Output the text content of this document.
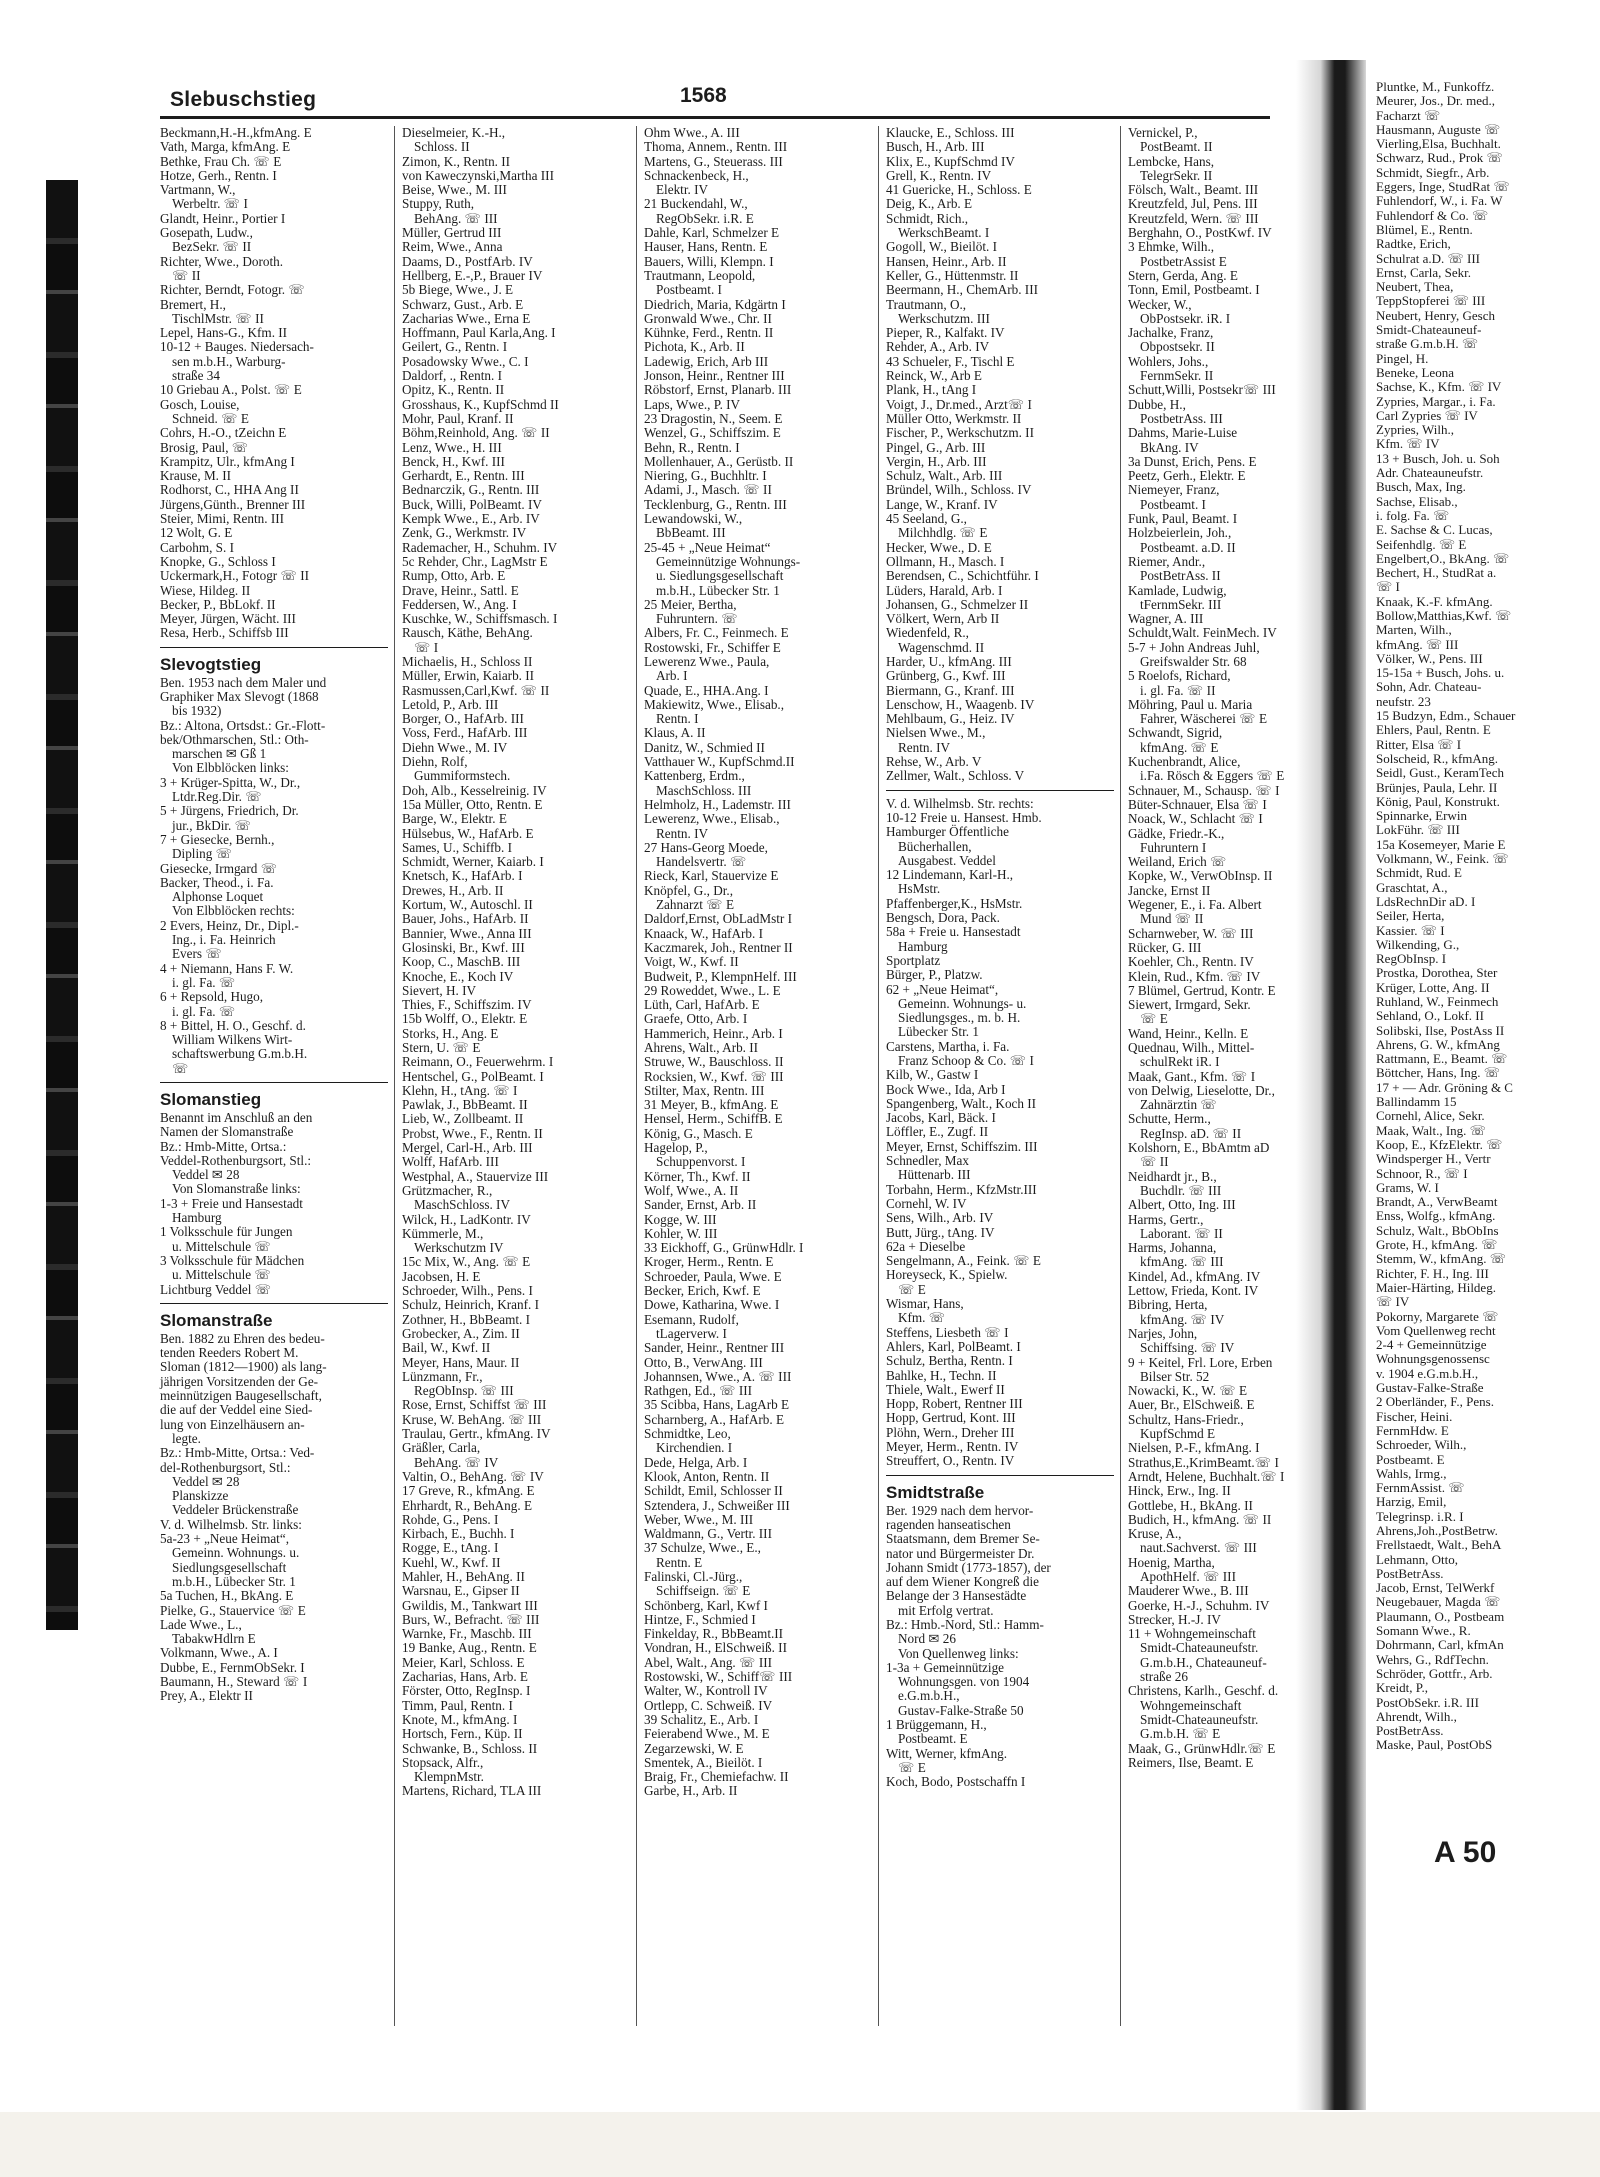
Slebuschstieg	1568
Beckmann,H.-H.,kfmAng. E
Vath, Marga, kfmAng. E
Bethke, Frau Ch. ☏ E
Hotze, Gerh., Rentn. I
Vartmann, W.,
Werbeltr. ☏ I
Glandt, Heinr., Portier I
Gosepath, Ludw.,
BezSekr. ☏ II
Richter, Wwe., Doroth.
☏ II
Richter, Berndt, Fotogr. ☏
Bremert, H.,
TischlMstr. ☏ II
Lepel, Hans-G., Kfm. II
10-12 + Bauges. Niedersach-
sen m.b.H., Warburg-
straße 34
10 Griebau A., Polst. ☏ E
Gosch, Louise,
Schneid. ☏ E
Cohrs, H.-O., tZeichn E
Brosig, Paul, ☏
Krampitz, Ulr., kfmAng I
Krause, M. II
Rodhorst, C., HHA Ang II
Jürgens,Günth., Brenner III
Steier, Mimi, Rentn. III
12 Wolt, G. E
Carbohm, S. I
Knopke, G., Schloss I
Uckermark,H., Fotogr ☏ II
Wiese, Hildeg. II
Becker, P., BbLokf. II
Meyer, Jürgen, Wächt. III
Resa, Herb., Schiffsb III
Slevogtstieg
Ben. 1953 nach dem Maler und
Graphiker Max Slevogt (1868
bis 1932)
Bz.: Altona, Ortsdst.: Gr.-Flott-
bek/Othmarschen, Stl.: Oth-
marschen ✉ Gß 1
Von Elbblöcken links:
3 + Krüger-Spitta, W., Dr.,
Ltdr.Reg.Dir. ☏
5 + Jürgens, Friedrich, Dr.
jur., BkDir. ☏
7 + Giesecke, Bernh.,
Dipling ☏
Giesecke, Irmgard ☏
Backer, Theod., i. Fa.
Alphonse Loquet
Von Elbblöcken rechts:
2 Evers, Heinz, Dr., Dipl.-
Ing., i. Fa. Heinrich
Evers ☏
4 + Niemann, Hans F. W.
i. gl. Fa. ☏
6 + Repsold, Hugo,
i. gl. Fa. ☏
8 + Bittel, H. O., Geschf. d.
William Wilkens Wirt-
schaftswerbung G.m.b.H.
☏
Slomanstieg
Benannt im Anschluß an den
Namen der Slomanstraße
Bz.: Hmb-Mitte, Ortsa.:
Veddel-Rothenburgsort, Stl.:
Veddel ✉ 28
Von Slomanstraße links:
1-3 + Freie und Hansestadt
Hamburg
1 Volksschule für Jungen
u. Mittelschule ☏
3 Volksschule für Mädchen
u. Mittelschule ☏
Lichtburg Veddel ☏
Slomanstraße
Ben. 1882 zu Ehren des bedeu-
tenden Reeders Robert M.
Sloman (1812—1900) als lang-
jährigen Vorsitzenden der Ge-
meinnützigen Baugesellschaft,
die auf der Veddel eine Sied-
lung von Einzelhäusern an-
legte.
Bz.: Hmb-Mitte, Ortsa.: Ved-
del-Rothenburgsort, Stl.:
Veddel ✉ 28
Planskizze
Veddeler Brückenstraße
V. d. Wilhelmsb. Str. links:
5a-23 + „Neue Heimat“,
Gemeinn. Wohnungs. u.
Siedlungsgesellschaft
m.b.H., Lübecker Str. 1
5a Tuchen, H., BkAng. E
Pielke, G., Stauervice ☏ E
Lade Wwe., L.,
TabakwHdlrn E
Volkmann, Wwe., A. I
Dubbe, E., FernmObSekr. I
Baumann, H., Steward ☏ I
Prey, A., Elektr II
Dieselmeier, K.-H.,
Schloss. II
Zimon, K., Rentn. II
von Kaweczynski,Martha III
Beise, Wwe., M. III
Stuppy, Ruth,
BehAng. ☏ III
Müller, Gertrud III
Reim, Wwe., Anna
Daams, D., PostfArb. IV
Hellberg, E.-,P., Brauer IV
5b Biege, Wwe., J. E
Schwarz, Gust., Arb. E
Zacharias Wwe., Erna E
Hoffmann, Paul Karla,Ang. I
Geilert, G., Rentn. I
Posadowsky Wwe., C. I
Daldorf, ., Rentn. I
Opitz, K., Rentn. II
Grosshaus, K., KupfSchmd II
Mohr, Paul, Kranf. II
Böhm,Reinhold, Ang. ☏ II
Lenz, Wwe., H. III
Benck, H., Kwf. III
Gerhardt, E., Rentn. III
Bednarczik, G., Rentn. III
Buck, Willi, PolBeamt. IV
Kempk Wwe., E., Arb. IV
Zenk, G., Werkmstr. IV
Rademacher, H., Schuhm. IV
5c Rehder, Chr., LagMstr E
Rump, Otto, Arb. E
Drave, Heinr., Sattl. E
Feddersen, W., Ang. I
Kuschke, W., Schiffsmasch. I
Rausch, Käthe, BehAng.
☏ I
Michaelis, H., Schloss II
Müller, Erwin, Kaiarb. II
Rasmussen,Carl,Kwf. ☏ II
Letold, P., Arb. III
Borger, O., HafArb. III
Voss, Ferd., HafArb. III
Diehn Wwe., M. IV
Diehn, Rolf,
Gummiformstech.
Doh, Alb., Kesselreinig. IV
15a Müller, Otto, Rentn. E
Barge, W., Elektr. E
Hülsebus, W., HafArb. E
Sames, U., Schiffb. I
Schmidt, Werner, Kaiarb. I
Knetsch, K., HafArb. I
Drewes, H., Arb. II
Kortum, W., Autoschl. II
Bauer, Johs., HafArb. II
Bannier, Wwe., Anna III
Glosinski, Br., Kwf. III
Koop, C., MaschB. III
Knoche, E., Koch IV
Sievert, H. IV
Thies, F., Schiffszim. IV
15b Wolff, O., Elektr. E
Storks, H., Ang. E
Stern, U. ☏ E
Reimann, O., Feuerwehrm. I
Hentschel, G., PolBeamt. I
Klehn, H., tAng. ☏ I
Pawlak, J., BbBeamt. II
Lieb, W., Zollbeamt. II
Probst, Wwe., F., Rentn. II
Mergel, Carl-H., Arb. III
Wolff, HafArb. III
Westphal, A., Stauervize III
Grützmacher, R.,
MaschSchloss. IV
Wilck, H., LadKontr. IV
Kümmerle, M.,
Werkschutzm IV
15c Mix, W., Ang. ☏ E
Jacobsen, H. E
Schroeder, Wilh., Pens. I
Schulz, Heinrich, Kranf. I
Zothner, H., BbBeamt. I
Grobecker, A., Zim. II
Bail, W., Kwf. II
Meyer, Hans, Maur. II
Lünzmann, Fr.,
RegObInsp. ☏ III
Rose, Ernst, Schiffst ☏ III
Kruse, W. BehAng. ☏ III
Traulau, Gertr., kfmAng. IV
Gräßler, Carla,
BehAng. ☏ IV
Valtin, O., BehAng. ☏ IV
17 Greve, R., kfmAng. E
Ehrhardt, R., BehAng. E
Rohde, G., Pens. I
Kirbach, E., Buchh. I
Rogge, E., tAng. I
Kuehl, W., Kwf. II
Mahler, H., BehAng. II
Warsnau, E., Gipser II
Gwildis, M., Tankwart III
Burs, W., Befracht. ☏ III
Warnke, Fr., Maschb. III
19 Banke, Aug., Rentn. E
Meier, Karl, Schloss. E
Zacharias, Hans, Arb. E
Förster, Otto, RegInsp. I
Timm, Paul, Rentn. I
Knote, M., kfmAng. I
Hortsch, Fern., Küp. II
Schwanke, B., Schloss. II
Stopsack, Alfr.,
KlempnMstr.
Martens, Richard, TLA III
Ohm Wwe., A. III
Thoma, Annem., Rentn. III
Martens, G., Steuerass. III
Schnackenbeck, H.,
Elektr. IV
21 Buckendahl, W.,
RegObSekr. i.R. E
Dahle, Karl, Schmelzer E
Hauser, Hans, Rentn. E
Bauers, Willi, Klempn. I
Trautmann, Leopold,
Postbeamt. I
Diedrich, Maria, Kdgärtn I
Gronwald Wwe., Chr. II
Kühnke, Ferd., Rentn. II
Pichota, K., Arb. II
Ladewig, Erich, Arb III
Jonson, Heinr., Rentner III
Röbstorf, Ernst, Planarb. III
Laps, Wwe., P. IV
23 Dragostin, N., Seem. E
Wenzel, G., Schiffszim. E
Behn, R., Rentn. I
Mollenhauer, A., Gerüstb. II
Niering, G., Buchhltr. I
Adami, J., Masch. ☏ II
Tecklenburg, G., Rentn. III
Lewandowski, W.,
BbBeamt. III
25-45 + „Neue Heimat“
Gemeinnützige Wohnungs-
u. Siedlungsgesellschaft
m.b.H., Lübecker Str. 1
25 Meier, Bertha,
Fuhruntern. ☏
Albers, Fr. C., Feinmech. E
Rostowski, Fr., Schiffer E
Lewerenz Wwe., Paula,
Arb. I
Quade, E., HHA.Ang. I
Makiewitz, Wwe., Elisab.,
Rentn. I
Klaus, A. II
Danitz, W., Schmied II
Vatthauer W., KupfSchmd.II
Kattenberg, Erdm.,
MaschSchloss. III
Helmholz, H., Lademstr. III
Lewerenz, Wwe., Elisab.,
Rentn. IV
27 Hans-Georg Moede,
Handelsvertr. ☏
Rieck, Karl, Stauervize E
Knöpfel, G., Dr.,
Zahnarzt ☏ E
Daldorf,Ernst, ObLadMstr I
Knaack, W., HafArb. I
Kaczmarek, Joh., Rentner II
Voigt, W., Kwf. II
Budweit, P., KlempnHelf. III
29 Roweddet, Wwe., L. E
Lüth, Carl, HafArb. E
Graefe, Otto, Arb. I
Hammerich, Heinr., Arb. I
Ahrens, Walt., Arb. II
Struwe, W., Bauschloss. II
Rocksien, W., Kwf. ☏ III
Stilter, Max, Rentn. III
31 Meyer, B., kfmAng. E
Hensel, Herm., SchiffB. E
König, G., Masch. E
Hagelop, P.,
Schuppenvorst. I
Körner, Th., Kwf. II
Wolf, Wwe., A. II
Sander, Ernst, Arb. II
Kogge, W. III
Kohler, W. III
33 Eickhoff, G., GrünwHdlr. I
Kroger, Herm., Rentn. E
Schroeder, Paula, Wwe. E
Becker, Erich, Kwf. E
Dowe, Katharina, Wwe. I
Esemann, Rudolf,
tLagerverw. I
Sander, Heinr., Rentner III
Otto, B., VerwAng. III
Johannsen, Wwe., A. ☏ III
Rathgen, Ed., ☏ III
35 Scibba, Hans, LagArb E
Scharnberg, A., HafArb. E
Schmidtke, Leo,
Kirchendien. I
Dede, Helga, Arb. I
Klook, Anton, Rentn. II
Schildt, Emil, Schlosser II
Sztendera, J., Schweißer III
Weber, Wwe., M. III
Waldmann, G., Vertr. III
37 Schulze, Wwe., E.,
Rentn. E
Falinski, Cl.-Jürg.,
Schiffseign. ☏ E
Schönberg, Karl, Kwf I
Hintze, F., Schmied I
Finkelday, R., BbBeamt.II
Vondran, H., ElSchweiß. II
Abel, Walt., Ang. ☏ III
Rostowski, W., Schiff☏ III
Walter, W., Kontroll IV
Ortlepp, C. Schweiß. IV
39 Schalitz, E., Arb. I
Feierabend Wwe., M. E
Zegarzewski, W. E
Smentek, A., Bieilöt. I
Braig, Fr., Chemiefachw. II
Garbe, H., Arb. II
Klaucke, E., Schloss. III
Busch, H., Arb. III
Klix, E., KupfSchmd IV
Grell, K., Rentn. IV
41 Guericke, H., Schloss. E
Deig, K., Arb. E
Schmidt, Rich.,
WerkschBeamt. I
Gogoll, W., Bieilöt. I
Hansen, Heinr., Arb. II
Keller, G., Hüttenmstr. II
Beermann, H., ChemArb. III
Trautmann, O.,
Werkschutzm. III
Pieper, R., Kalfakt. IV
Rehder, A., Arb. IV
43 Schueler, F., Tischl E
Reinck, W., Arb E
Plank, H., tAng I
Voigt, J., Dr.med., Arzt☏ I
Müller Otto, Werkmstr. II
Fischer, P., Werkschutzm. II
Pingel, G., Arb. III
Vergin, H., Arb. III
Schulz, Walt., Arb. III
Bründel, Wilh., Schloss. IV
Lange, W., Kranf. IV
45 Seeland, G.,
Milchhdlg. ☏ E
Hecker, Wwe., D. E
Ollmann, H., Masch. I
Berendsen, C., Schichtführ. I
Lüders, Harald, Arb. I
Johansen, G., Schmelzer II
Völkert, Wern, Arb II
Wiedenfeld, R.,
Wagenschmd. II
Harder, U., kfmAng. III
Grünberg, G., Kwf. III
Biermann, G., Kranf. III
Lenschow, H., Waagenb. IV
Mehlbaum, G., Heiz. IV
Nielsen Wwe., M.,
Rentn. IV
Rehse, W., Arb. V
Zellmer, Walt., Schloss. V
V. d. Wilhelmsb. Str. rechts:
10-12 Freie u. Hansest. Hmb.
Hamburger Öffentliche
Bücherhallen,
Ausgabest. Veddel
12 Lindemann, Karl-H.,
HsMstr.
Pfaffenberger,K., HsMstr.
Bengsch, Dora, Pack.
58a + Freie u. Hansestadt
Hamburg
Sportplatz
Bürger, P., Platzw.
62 + „Neue Heimat“,
Gemeinn. Wohnungs- u.
Siedlungsges., m. b. H.
Lübecker Str. 1
Carstens, Martha, i. Fa.
Franz Schoop & Co. ☏ I
Kilb, W., Gastw I
Bock Wwe., Ida, Arb I
Spangenberg, Walt., Koch II
Jacobs, Karl, Bäck. I
Löffler, E., Zugf. II
Meyer, Ernst, Schiffszim. III
Schnedler, Max
Hüttenarb. III
Torbahn, Herm., KfzMstr.III
Cornehl, W. IV
Sens, Wilh., Arb. IV
Butt, Jürg., tAng. IV
62a + Dieselbe
Sengelmann, A., Feink. ☏ E
Horeyseck, K., Spielw.
☏ E
Wismar, Hans,
Kfm. ☏
Steffens, Liesbeth ☏ I
Ahlers, Karl, PolBeamt. I
Schulz, Bertha, Rentn. I
Bahlke, H., Techn. II
Thiele, Walt., Ewerf II
Hopp, Robert, Rentner III
Hopp, Gertrud, Kont. III
Plöhn, Wern., Dreher III
Meyer, Herm., Rentn. IV
Streuffert, O., Rentn. IV
Smidtstraße
Ber. 1929 nach dem hervor-
ragenden hanseatischen
Staatsmann, dem Bremer Se-
nator und Bürgermeister Dr.
Johann Smidt (1773-1857), der
auf dem Wiener Kongreß die
Belange der 3 Hansestädte
mit Erfolg vertrat.
Bz.: Hmb.-Nord, Stl.: Hamm-
Nord ✉ 26
Von Quellenweg links:
1-3a + Gemeinnützige
Wohnungsgen. von 1904
e.G.m.b.H.,
Gustav-Falke-Straße 50
1 Brüggemann, H.,
Postbeamt. E
Witt, Werner, kfmAng.
☏ E
Koch, Bodo, Postschaffn I
Vernickel, P.,
PostBeamt. II
Lembcke, Hans,
TelegrSekr. II
Fölsch, Walt., Beamt. III
Kreutzfeld, Jul, Pens. III
Kreutzfeld, Wern. ☏ III
Berghahn, O., PostKwf. IV
3 Ehmke, Wilh.,
PostbetrAssist E
Stern, Gerda, Ang. E
Tonn, Emil, Postbeamt. I
Wecker, W.,
ObPostsekr. iR. I
Jachalke, Franz,
Obpostsekr. II
Wohlers, Johs.,
FernmSekr. II
Schutt,Willi, Postsekr☏ III
Dubbe, H.,
PostbetrAss. III
Dahms, Marie-Luise
BkAng. IV
3a Dunst, Erich, Pens. E
Peetz, Gerh., Elektr. E
Niemeyer, Franz,
Postbeamt. I
Funk, Paul, Beamt. I
Holzbeierlein, Joh.,
Postbeamt. a.D. II
Riemer, Andr.,
PostBetrAss. II
Kamlade, Ludwig,
tFernmSekr. III
Wagner, A. III
Schuldt,Walt. FeinMech. IV
5-7 + John Andreas Juhl,
Greifswalder Str. 68
5 Roelofs, Richard,
i. gl. Fa. ☏ II
Möhring, Paul u. Maria
Fahrer, Wäscherei ☏ E
Schwandt, Sigrid,
kfmAng. ☏ E
Kuchenbrandt, Alice,
i.Fa. Rösch & Eggers ☏ E
Schnauer, M., Schausp. ☏ I
Büter-Schnauer, Elsa ☏ I
Noack, W., Schlacht ☏ I
Gädke, Friedr.-K.,
Fuhruntern I
Weiland, Erich ☏
Kopke, W., VerwObInsp. II
Jancke, Ernst II
Wegener, E., i. Fa. Albert
Mund ☏ II
Scharnweber, W. ☏ III
Rücker, G. III
Koehler, Ch., Rentn. IV
Klein, Rud., Kfm. ☏ IV
7 Blümel, Gertrud, Kontr. E
Siewert, Irmgard, Sekr.
☏ E
Wand, Heinr., Kelln. E
Quednau, Wilh., Mittel-
schulRekt iR. I
Maak, Gant., Kfm. ☏ I
von Delwig, Lieselotte, Dr.,
Zahnärztin ☏
Schutte, Herm.,
RegInsp. aD. ☏ II
Kolshorn, E., BbAmtm aD
☏ II
Neidhardt jr., B.,
Buchdlr. ☏ III
Albert, Otto, Ing. III
Harms, Gertr.,
Laborant. ☏ II
Harms, Johanna,
kfmAng. ☏ III
Kindel, Ad., kfmAng. IV
Lettow, Frieda, Kont. IV
Bibring, Herta,
kfmAng. ☏ IV
Narjes, John,
Schiffsing. ☏ IV
9 + Keitel, Frl. Lore, Erben
Bilser Str. 52
Nowacki, K., W. ☏ E
Auer, Br., ElSchweiß. E
Schultz, Hans-Friedr.,
KupfSchmd E
Nielsen, P.-F., kfmAng. I
Strathus,E.,KrimBeamt.☏ I
Arndt, Helene, Buchhalt.☏ I
Hinck, Erw., Ing. II
Gottlebe, H., BkAng. II
Budich, H., kfmAng. ☏ II
Kruse, A.,
naut.Sachverst. ☏ III
Hoenig, Martha,
ApothHelf. ☏ III
Mauderer Wwe., B. III
Goerke, H.-J., Schuhm. IV
Strecker, H.-J. IV
11 + Wohngemeinschaft
Smidt-Chateauneufstr.
G.m.b.H., Chateauneuf-
straße 26
Christens, Karlh., Geschf. d.
Wohngemeinschaft
Smidt-Chateauneufstr.
G.m.b.H. ☏ E
Maak, G., GrünwHdlr.☏ E
Reimers, Ilse, Beamt. E
Pluntke, M., Funkoffz.
Meurer, Jos., Dr. med.,
Facharzt ☏
Hausmann, Auguste ☏
Vierling,Elsa, Buchhalt.
Schwarz, Rud., Prok ☏
Schmidt, Siegfr., Arb.
Eggers, Inge, StudRat ☏
Fuhlendorf, W., i. Fa. W
Fuhlendorf & Co. ☏
Blümel, E., Rentn.
Radtke, Erich,
Schulrat a.D. ☏ III
Ernst, Carla, Sekr.
Neubert, Thea,
TeppStopferei ☏ III
Neubert, Henry, Gesch
Smidt-Chateauneuf-
straße G.m.b.H. ☏
Pingel, H.
Beneke, Leona
Sachse, K., Kfm. ☏ IV
Zypries, Margar., i. Fa.
Carl Zypries ☏ IV
Zypries, Wilh.,
Kfm. ☏ IV
13 + Busch, Joh. u. Soh
Adr. Chateauneufstr.
Busch, Max, Ing.
Sachse, Elisab.,
i. folg. Fa. ☏
E. Sachse & C. Lucas,
Seifenhdlg. ☏ E
Engelbert,O., BkAng. ☏
Bechert, H., StudRat a.
☏ I
Knaak, K.-F. kfmAng.
Bollow,Matthias,Kwf. ☏
Marten, Wilh.,
kfmAng. ☏ III
Völker, W., Pens. III
15-15a + Busch, Johs. u.
Sohn, Adr. Chateau-
neufstr. 23
15 Budzyn, Edm., Schauer
Ehlers, Paul, Rentn. E
Ritter, Elsa ☏ I
Solscheid, R., kfmAng.
Seidl, Gust., KeramTech
Brünjes, Paula, Lehr. II
König, Paul, Konstrukt.
Spinnarke, Erwin
LokFühr. ☏ III
15a Kosemeyer, Marie E
Volkmann, W., Feink. ☏
Schmidt, Rud. E
Graschtat, A.,
LdsRechnDir aD. I
Seiler, Herta,
Kassier. ☏ I
Wilkending, G.,
RegObInsp. I
Prostka, Dorothea, Ster
Krüger, Lotte, Ang. II
Ruhland, W., Feinmech
Sehland, O., Lokf. II
Solibski, Ilse, PostAss II
Ahrens, G. W., kfmAng
Rattmann, E., Beamt. ☏
Böttcher, Hans, Ing. ☏
17 + — Adr. Gröning & C
Ballindamm 15
Cornehl, Alice, Sekr.
Maak, Walt., Ing. ☏
Koop, E., KfzElektr. ☏
Windsperger H., Vertr
Schnoor, R., ☏ I
Grams, W. I
Brandt, A., VerwBeamt
Enss, Wolfg., kfmAng.
Schulz, Walt., BbObIns
Grote, H., kfmAng. ☏
Stemm, W., kfmAng. ☏
Richter, F. H., Ing. III
Maier-Härting, Hildeg.
☏ IV
Pokorny, Margarete ☏
Vom Quellenweg recht
2-4 + Gemeinnützige
Wohnungsgenossensc
v. 1904 e.G.m.b.H.,
Gustav-Falke-Straße
2 Oberländer, F., Pens.
Fischer, Heini.
FernmHdw. E
Schroeder, Wilh.,
Postbeamt. E
Wahls, Irmg.,
FernmAssist. ☏
Harzig, Emil,
Telegrinsp. i.R. I
Ahrens,Joh.,PostBetrw.
Frellstaedt, Walt., BehA
Lehmann, Otto,
PostBetrAss.
Jacob, Ernst, TelWerkf
Neugebauer, Magda ☏
Plaumann, O., Postbeam
Somann Wwe., R.
Dohrmann, Carl, kfmAn
Wehrs, G., RdfTechn.
Schröder, Gottfr., Arb.
Kreidt, P.,
PostObSekr. i.R. III
Ahrendt, Wilh.,
PostBetrAss.
Maske, Paul, PostObS
A 50
